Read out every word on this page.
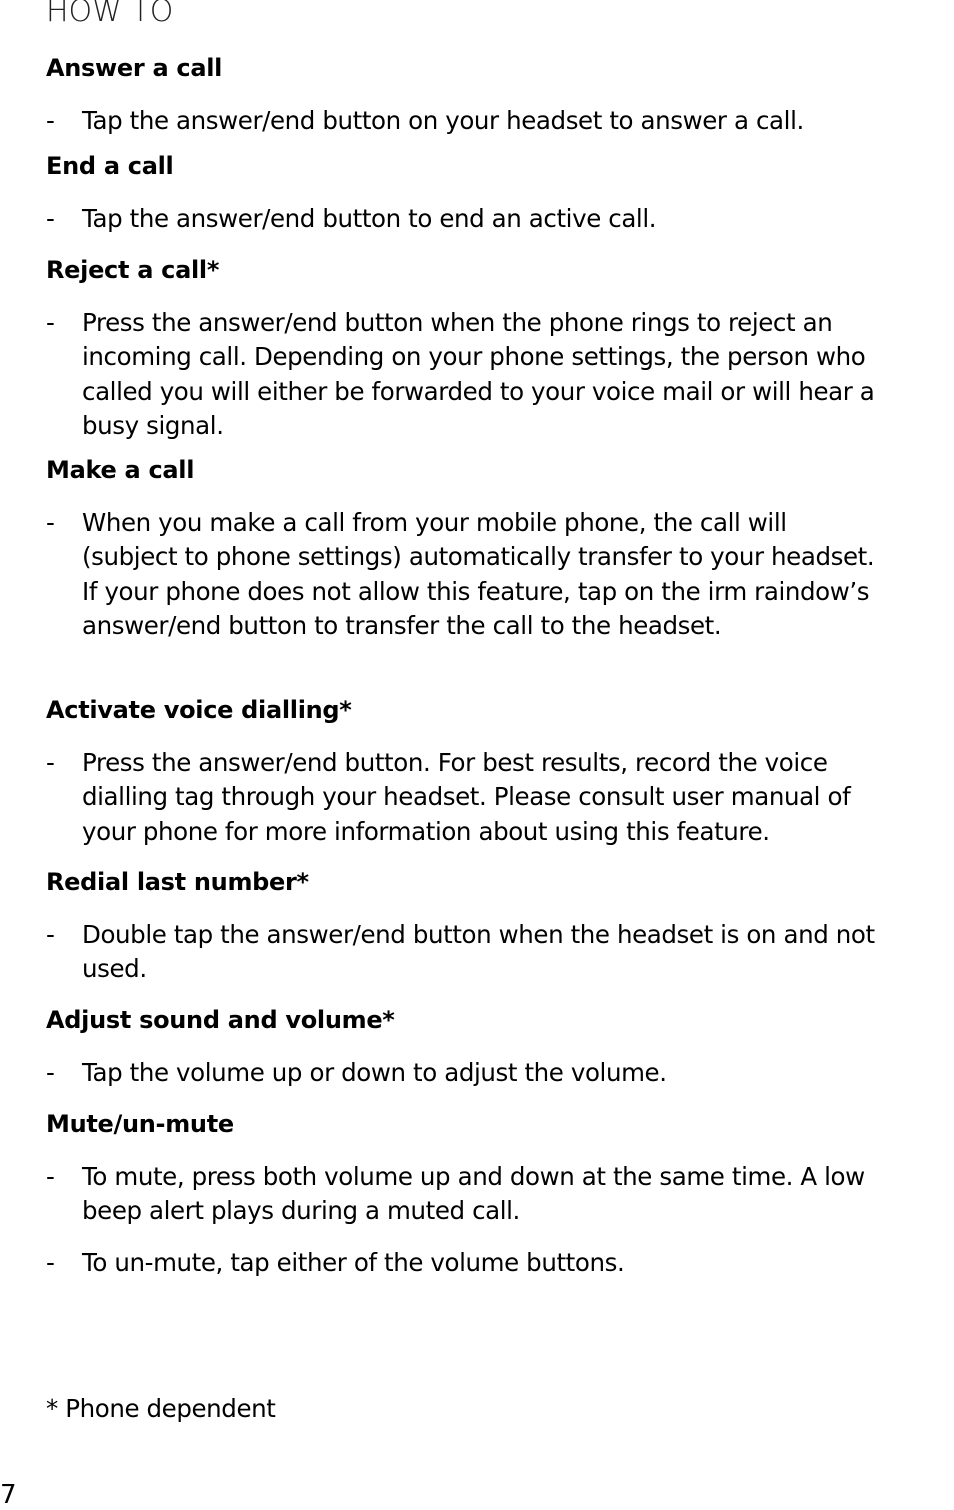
HOW TO
Answer a call
-	Tap the answer/end button on your headset to answer a call.
End a call
-	Tap the answer/end button to end an active call.
Reject a call*
-	Press the answer/end button when the phone rings to reject an incoming call. Depending on your phone settings, the person who called you will either be forwarded to your voice mail or will hear a busy signal.
Make a call
-	When you make a call from your mobile phone, the call will (subject to phone settings) automatically transfer to your headset. If your phone does not allow this feature, tap on the irm raindow’s answer/end button to transfer the call to the headset.
Activate voice dialling*
-	Press the answer/end button. For best results, record the voice dialling tag through your headset. Please consult user manual of your phone for more information about using this feature.
Redial last number*
-	Double tap the answer/end button when the headset is on and not used.
Adjust sound and volume*
-	Tap the volume up or down to adjust the volume.
Mute/un-mute
-	To mute, press both volume up and down at the same time. A low beep alert plays during a muted call.
-	To un-mute, tap either of the volume buttons.

* Phone dependent

7
